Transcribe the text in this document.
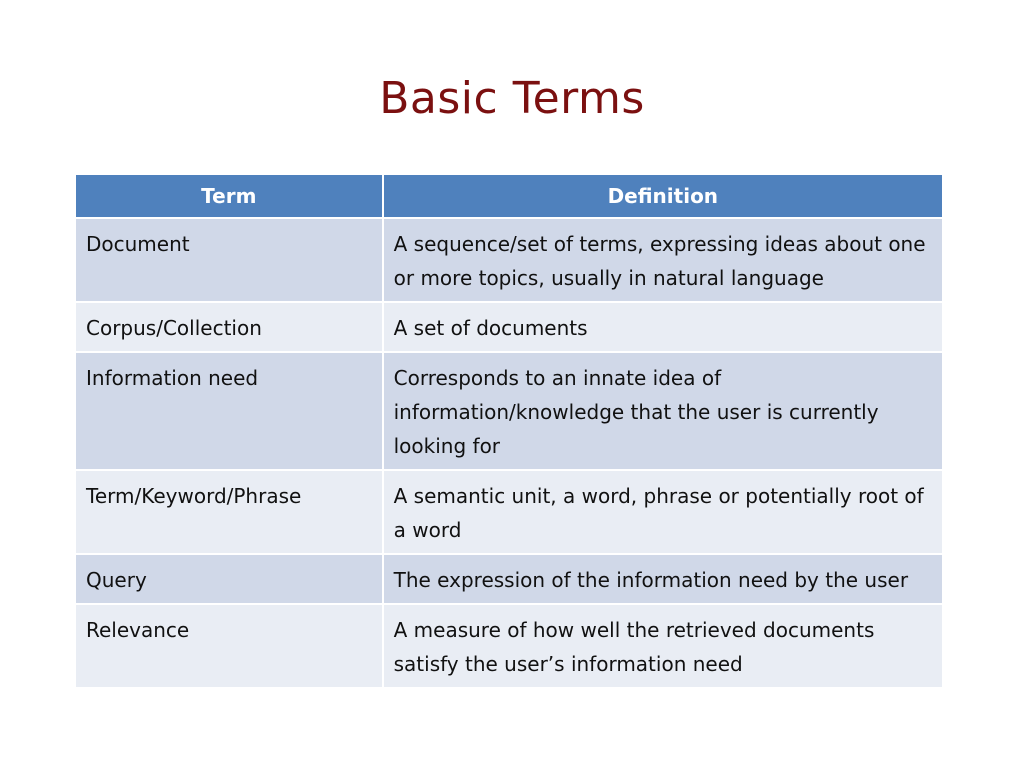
Basic Terms
Term	Definition
Document	A sequence/set of terms, expressing ideas about one or more topics, usually in natural language
Corpus/Collection	A set of documents
Information need	Corresponds to an innate idea of information/knowledge that the user is currently looking for
Term/Keyword/Phrase	A semantic unit, a word, phrase or potentially root of a word
Query	The expression of the information need by the user
Relevance	A measure of how well the retrieved documents satisfy the user’s information need
